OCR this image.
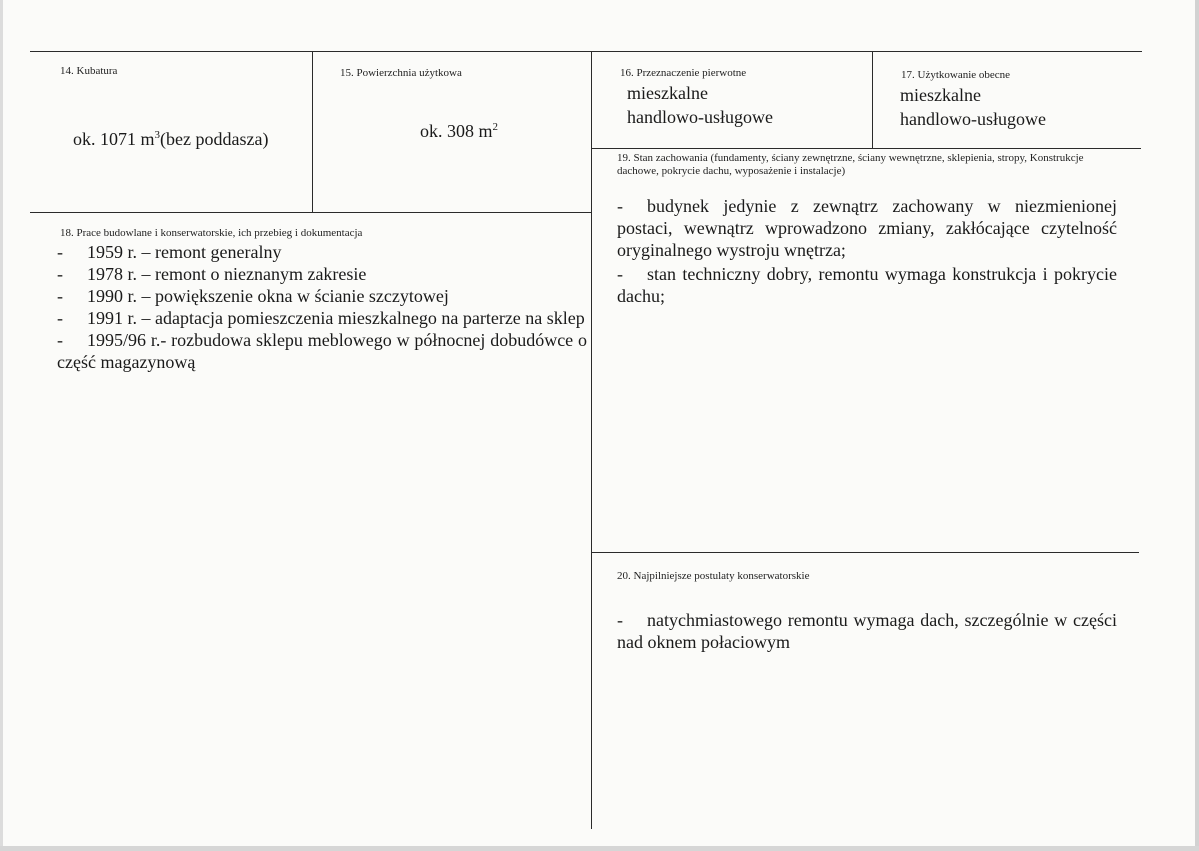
14. Kubatura
ok. 1071 $m^3(bez$ poddasza)
15. Powierzchnia użytkowa
ok. 308 $m^2$
16. Przeznaczenie pierwotne
mieszkalne
handlowo-usługowe
17. Użytkowanie obecne
mieszkalne
handlowo-usługowe
19. Stan zachowania (fundamenty, ściany zewnętrzne, ściany wewnętrzne, sklepienia, stropy, Konstrukcje dachowe, pokrycie dachu, wyposażenie i instalacje)
- budynek jedynie z zewnątrz zachowany w niezmienionej postaci, wewnątrz wprowadzono zmiany, zakłócające czytelność oryginalnego wystroju wnętrza;
- stan techniczny dobry, remontu wymaga konstrukcja i pokrycie dachu;
18. Prace budowlane i konserwatorskie, ich przebieg i dokumentacja
- 1959 r. – remont generalny
- 1978 r. – remont o nieznanym zakresie
- 1990 r. – powiększenie okna w ścianie szczytowej
- 1991 r. – adaptacja pomieszczenia mieszkalnego na parterze na sklep
- 1995/96 r.- rozbudowa sklepu meblowego w północnej dobudówce o część magazynową
20. Najpilniejsze postulaty konserwatorskie
- natychmiastowego remontu wymaga dach, szczególnie w części nad oknem połaciowym
